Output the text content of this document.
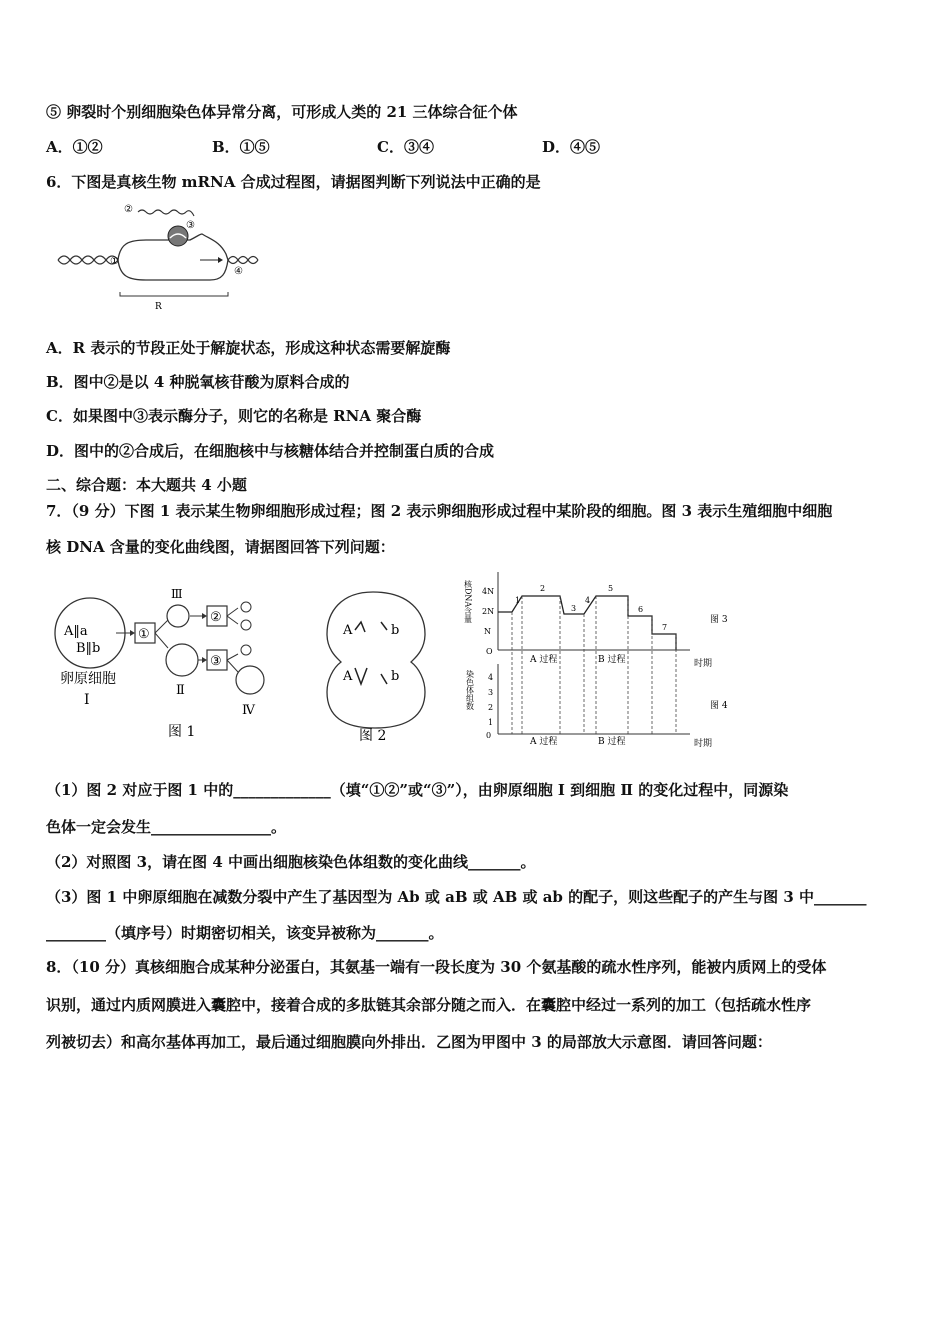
⑤ 卵裂时个别细胞染色体异常分离，可形成人类的 21 三体综合征个体
A．①②	B．①⑤	C．③④	D．④⑤
6．下图是真核生物 mRNA 合成过程图，请据图判断下列说法中正确的是
R
①
②
③
④
A．R 表示的节段正处于解旋状态，形成这种状态需要解旋酶
B．图中②是以 4 种脱氧核苷酸为原料合成的
C．如果图中③表示酶分子，则它的名称是 RNA 聚合酶
D．图中的②合成后，在细胞核中与核糖体结合并控制蛋白质的合成
二、综合题：本大题共 4 小题
7．（9 分）下图 1 表示某生物卵细胞形成过程；图 2 表示卵细胞形成过程中某阶段的细胞。图 3 表示生殖细胞中细胞
核 DNA 含量的变化曲线图，请据图回答下列问题：
A‖a
B‖b
①
Ⅲ
Ⅱ
②
③
Ⅳ
卵原细胞
Ⅰ
图 1
A	b
A	b
图 2
核DNA含量 4N
2N
N
O
1
2
3
4
5
6
7
A 过程	B 过程	时期
图 3
染色体组数 4
3
2
1
0
A 过程	B 过程	时期
图 4
（1）图 2 对应于图 1 中的_____________（填“①②”或“③”），由卵原细胞 Ⅰ 到细胞 Ⅱ 的变化过程中，同源染
色体一定会发生________________。
（2）对照图 3，请在图 4 中画出细胞核染色体组数的变化曲线_______。
（3）图 1 中卵原细胞在减数分裂中产生了基因型为 Ab 或 aB 或 AB 或 ab 的配子，则这些配子的产生与图 3 中_______
________（填序号）时期密切相关，该变异被称为_______。
8．（10 分）真核细胞合成某种分泌蛋白，其氨基一端有一段长度为 30 个氨基酸的疏水性序列，能被内质网上的受体
识别，通过内质网膜进入囊腔中，接着合成的多肽链其余部分随之而入．在囊腔中经过一系列的加工（包括疏水性序
列被切去）和高尔基体再加工，最后通过细胞膜向外排出．乙图为甲图中 3 的局部放大示意图．请回答问题：
